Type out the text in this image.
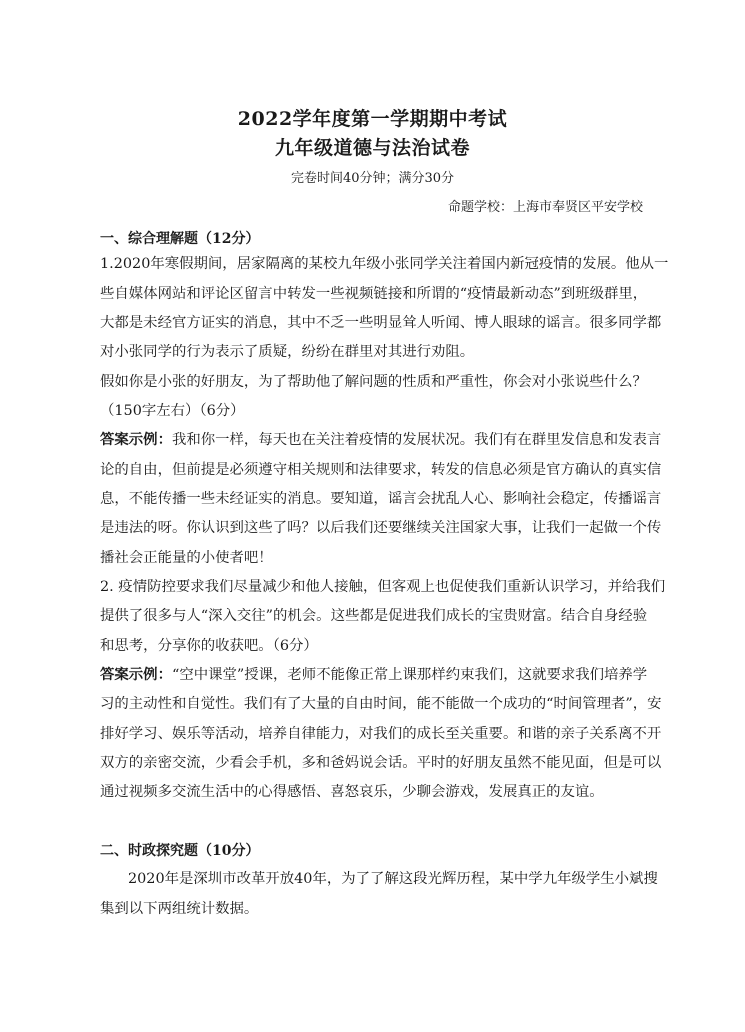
2022学年度第一学期期中考试
九年级道德与法治试卷
完卷时间40分钟；满分30分
命题学校：上海市奉贤区平安学校
一、综合理解题（12分）
1.2020年寒假期间，居家隔离的某校九年级小张同学关注着国内新冠疫情的发展。他从一
些自媒体网站和评论区留言中转发一些视频链接和所谓的“疫情最新动态”到班级群里，
大都是未经官方证实的消息，其中不乏一些明显耸人听闻、博人眼球的谣言。很多同学都
对小张同学的行为表示了质疑，纷纷在群里对其进行劝阻。
假如你是小张的好朋友，为了帮助他了解问题的性质和严重性，你会对小张说些什么？
（150字左右）（6分）
答案示例：我和你一样，每天也在关注着疫情的发展状况。我们有在群里发信息和发表言
论的自由，但前提是必须遵守相关规则和法律要求，转发的信息必须是官方确认的真实信
息，不能传播一些未经证实的消息。要知道，谣言会扰乱人心、影响社会稳定，传播谣言
是违法的呀。你认识到这些了吗？以后我们还要继续关注国家大事，让我们一起做一个传
播社会正能量的小使者吧！
2. 疫情防控要求我们尽量减少和他人接触，但客观上也促使我们重新认识学习，并给我们
提供了很多与人“深入交往”的机会。这些都是促进我们成长的宝贵财富。结合自身经验
和思考，分享你的收获吧。（6分）
答案示例：“空中课堂”授课，老师不能像正常上课那样约束我们，这就要求我们培养学
习的主动性和自觉性。我们有了大量的自由时间，能不能做一个成功的“时间管理者”，安
排好学习、娱乐等活动，培养自律能力，对我们的成长至关重要。和谐的亲子关系离不开
双方的亲密交流，少看会手机，多和爸妈说会话。平时的好朋友虽然不能见面，但是可以
通过视频多交流生活中的心得感悟、喜怒哀乐，少聊会游戏，发展真正的友谊。
二、时政探究题（10分）
2020年是深圳市改革开放40年，为了了解这段光辉历程，某中学九年级学生小斌搜
集到以下两组统计数据。
